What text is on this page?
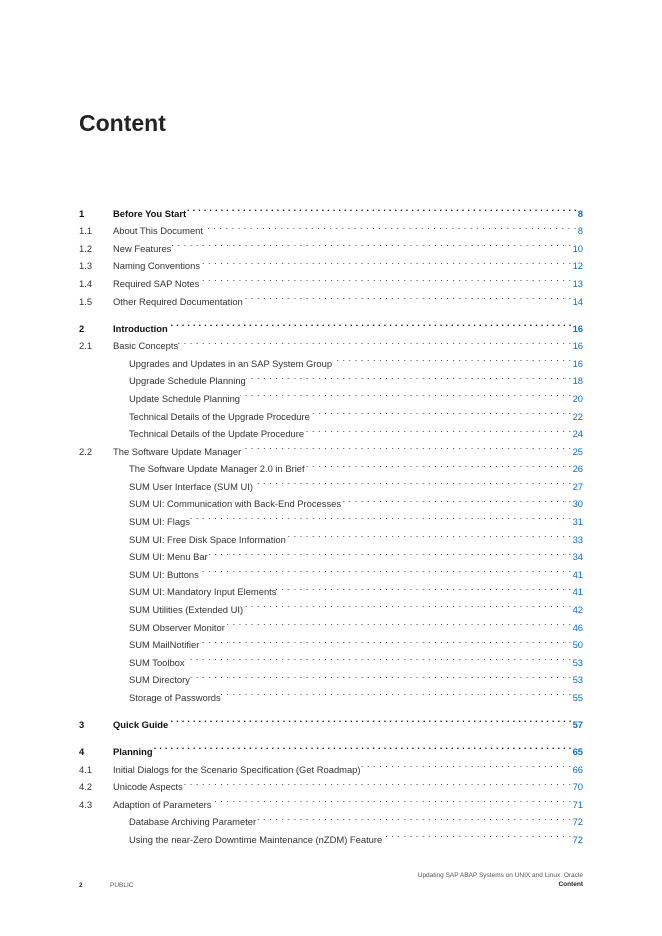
Content
1	Before You Start . . .	8
1.1	About This Document . . .	8
1.2	New Features . . .	10
1.3	Naming Conventions . . .	12
1.4	Required SAP Notes . . .	13
1.5	Other Required Documentation . . .	14
2	Introduction . . .	16
2.1	Basic Concepts . . .	16
Upgrades and Updates in an SAP System Group . . .	16
Upgrade Schedule Planning . . .	18
Update Schedule Planning . . .	20
Technical Details of the Upgrade Procedure . . .	22
Technical Details of the Update Procedure . . .	24
2.2	The Software Update Manager . . .	25
The Software Update Manager 2.0 in Brief . . .	26
SUM User Interface (SUM UI) . . .	27
SUM UI: Communication with Back-End Processes . . .	30
SUM UI: Flags . . .	31
SUM UI: Free Disk Space Information . . .	33
SUM UI: Menu Bar . . .	34
SUM UI: Buttons . . .	41
SUM UI: Mandatory Input Elements . . .	41
SUM Utilities (Extended UI) . . .	42
SUM Observer Monitor . . .	46
SUM MailNotifier . . .	50
SUM Toolbox . . .	53
SUM Directory . . .	53
Storage of Passwords . . .	55
3	Quick Guide . . .	57
4	Planning . . .	65
4.1	Initial Dialogs for the Scenario Specification (Get Roadmap) . . .	66
4.2	Unicode Aspects . . .	70
4.3	Adaption of Parameters . . .	71
Database Archiving Parameter . . .	72
Using the near-Zero Downtime Maintenance (nZDM) Feature . . .	72
2	PUBLIC
Updating SAP ABAP Systems on UNIX and Linux: Oracle
Content
